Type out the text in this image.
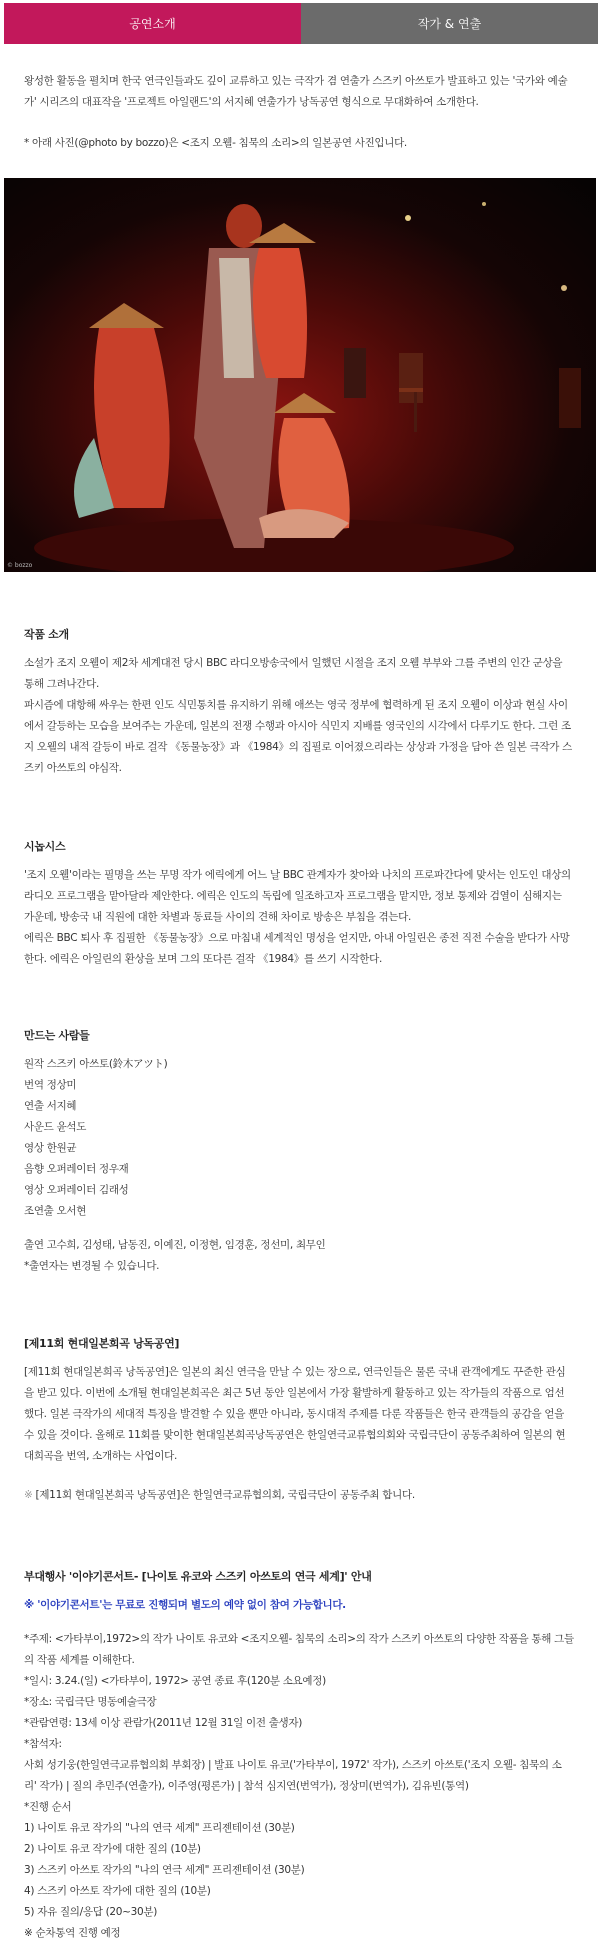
공연소개	작가 & 연출

왕성한 활동을 펼치며 한국 연극인들과도 깊이 교류하고 있는 극작가 겸 연출가 스즈키 아쓰토가 발표하고 있는 '국가와 예술가' 시리즈의 대표작을 '프로젝트 아일랜드'의 서지혜 연출가가 낭독공연 형식으로 무대화하여 소개한다.

* 아래 사진(@photo by bozzo)은 <조지 오웰- 침묵의 소리>의 일본공연 사진입니다.

© bozzo
작품 소개

소설가 조지 오웰이 제2차 세계대전 당시 BBC 라디오방송국에서 일했던 시절을 조지 오웰 부부와 그를 주변의 인간 군상을 통해 그려나간다.

파시즘에 대항해 싸우는 한편 인도 식민통치를 유지하기 위해 애쓰는 영국 정부에 협력하게 된 조지 오웰이 이상과 현실 사이에서 갈등하는 모습을 보여주는 가운데, 일본의 전쟁 수행과 아시아 식민지 지배를 영국인의 시각에서 다루기도 한다. 그런 조지 오웰의 내적 갈등이 바로 걸작 《동물농장》과 《1984》의 집필로 이어졌으리라는 상상과 가정을 담아 쓴 일본 극작가 스즈키 아쓰토의 야심작.

시놉시스

'조지 오웰'이라는 필명을 쓰는 무명 작가 에릭에게 어느 날 BBC 관계자가 찾아와 나치의 프로파간다에 맞서는 인도인 대상의 라디오 프로그램을 맡아달라 제안한다. 에릭은 인도의 독립에 일조하고자 프로그램을 맡지만, 정보 통제와 검열이 심해지는 가운데, 방송국 내 직원에 대한 차별과 동료들 사이의 견해 차이로 방송은 부침을 겪는다.

에릭은 BBC 퇴사 후 집필한 《동물농장》으로 마침내 세계적인 명성을 얻지만, 아내 아일린은 종전 직전 수술을 받다가 사망한다. 에릭은 아일린의 환상을 보며 그의 또다른 걸작 《1984》를 쓰기 시작한다.

만드는 사람들

원작 스즈키 아쓰토(鈴木アツト)

번역 정상미

연출 서지혜

사운드 윤석도

영상 한원균

음향 오퍼레이터 정우재

영상 오퍼레이터 김래성

조연출 오서현

출연 고수희, 김성태, 남동진, 이예진, 이정현, 임경훈, 정선미, 최무인

*출연자는 변경될 수 있습니다.

[제11회 현대일본희곡 낭독공연]

[제11회 현대일본희곡 낭독공연]은 일본의 최신 연극을 만날 수 있는 장으로, 연극인들은 물론 국내 관객에게도 꾸준한 관심을 받고 있다. 이번에 소개될 현대일본희곡은 최근 5년 동안 일본에서 가장 활발하게 활동하고 있는 작가들의 작품으로 엄선했다. 일본 극작가의 세대적 특징을 발견할 수 있을 뿐만 아니라, 동시대적 주제를 다룬 작품들은 한국 관객들의 공감을 얻을 수 있을 것이다. 올해로 11회를 맞이한 현대일본희곡낭독공연은 한일연극교류협의회와 국립극단이 공동주최하여 일본의 현대희곡을 번역, 소개하는 사업이다.

※ [제11회 현대일본희곡 낭독공연]은 한일연극교류협의회, 국립극단이 공동주최 합니다.

부대행사 '이야기콘서트- [나이토 유코와 스즈키 아쓰토의 연극 세계]' 안내

※ '이야기콘서트'는 무료로 진행되며 별도의 예약 없이 참여 가능합니다.

*주제: <가타부이,1972>의 작가 나이토 유코와 <조지오웰- 침묵의 소리>의 작가 스즈키 아쓰토의 다양한 작품을 통해 그들의 작품 세계를 이해한다.

*일시: 3.24.(일) <가타부이, 1972> 공연 종료 후(120분 소요예정)

*장소: 국립극단 명동예술극장

*관람연령: 13세 이상 관람가(2011년 12월 31일 이전 출생자)

*참석자:

사회 성기웅(한일연극교류협의회 부회장) | 발표 나이토 유코('가타부이, 1972' 작가), 스즈키 아쓰토('조지 오웰- 침묵의 소리' 작가) | 질의 추민주(연출가), 이주영(평론가) | 참석 심지연(번역가), 정상미(번역가), 김유빈(통역)

*진행 순서

1) 나이토 유코 작가의 "나의 연극 세계" 프리젠테이션 (30분)

2) 나이토 유코 작가에 대한 질의 (10분)

3) 스즈키 아쓰토 작가의 "나의 연극 세계" 프리젠테이션 (30분)

4) 스즈키 아쓰토 작가에 대한 질의 (10분)

5) 자유 질의/응답 (20~30분)

※ 순차통역 진행 예정
